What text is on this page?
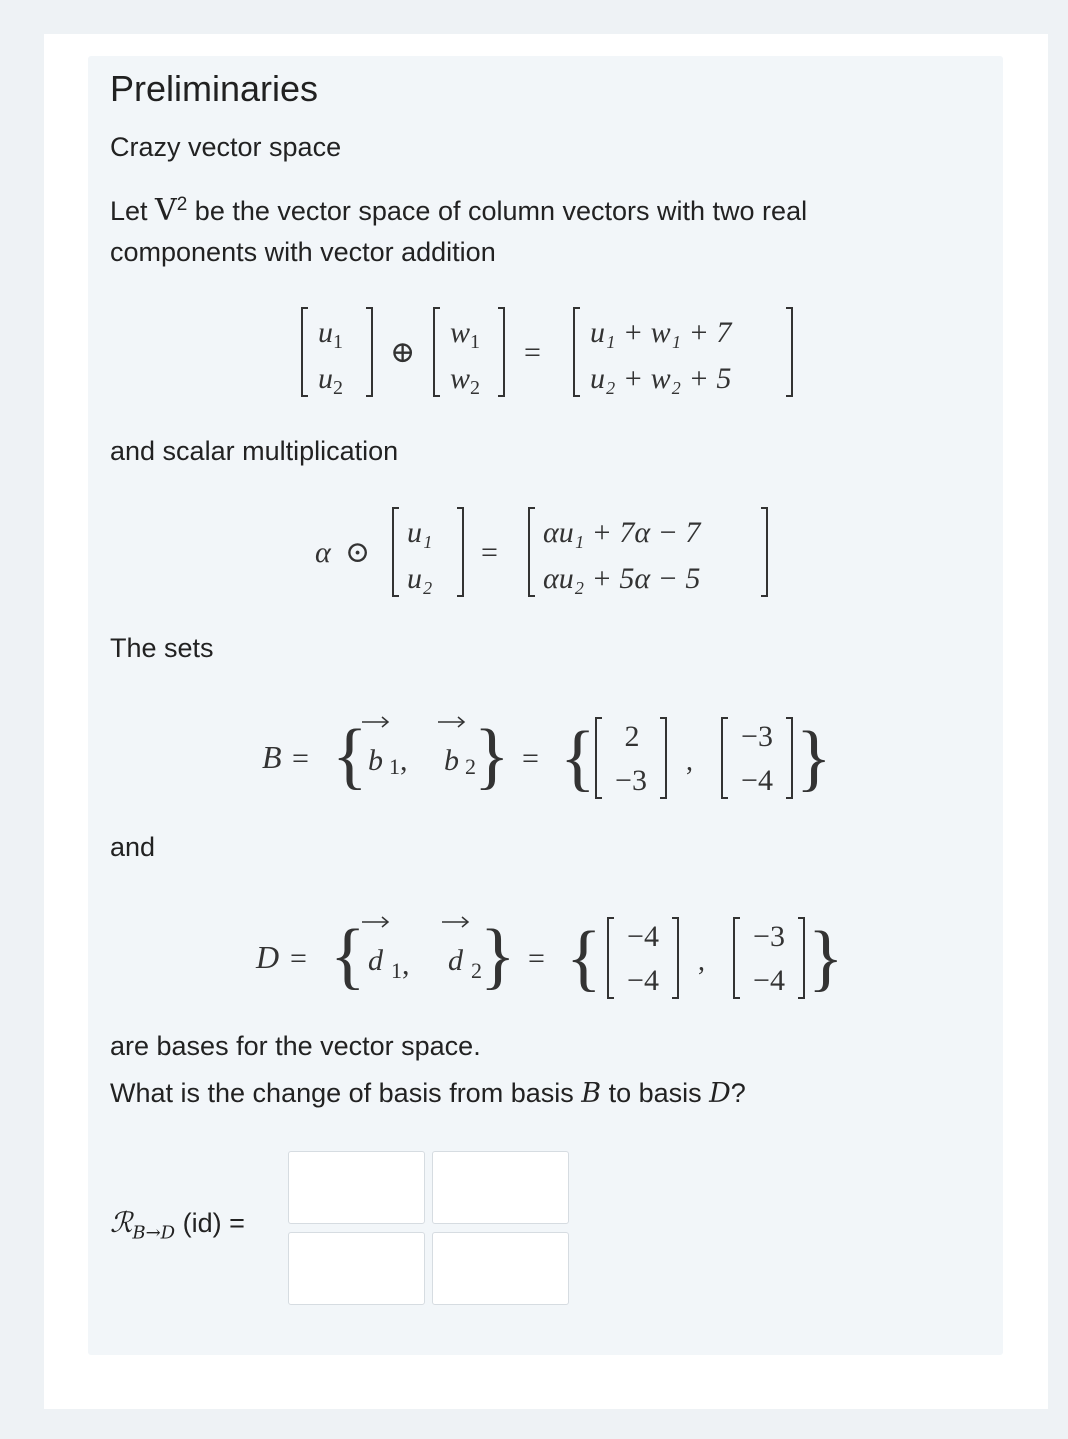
Preliminaries
Crazy vector space
Let $V^2$ be the vector space of column vectors with two real
components with vector addition
$u_1$
$u_2$
⊕
$w_1$
$w_2$
=
u₁ + w₁ + 7
u₂ + w₂ + 5
and scalar multiplication
α ⊙
u₁
u₂
=
αu₁ + 7α − 7
αu₂ + 5α − 5
The sets
B = { b 1, b 2
} = { 2
−3
,
−3
−4 }
and
D = { d $_1$, d $_2$
} = { −4
−4
,
−3
−4 }
are bases for the vector space.
What is the change of basis from basis B to basis D?
ℛ$_{B\to D}$ (id) =
